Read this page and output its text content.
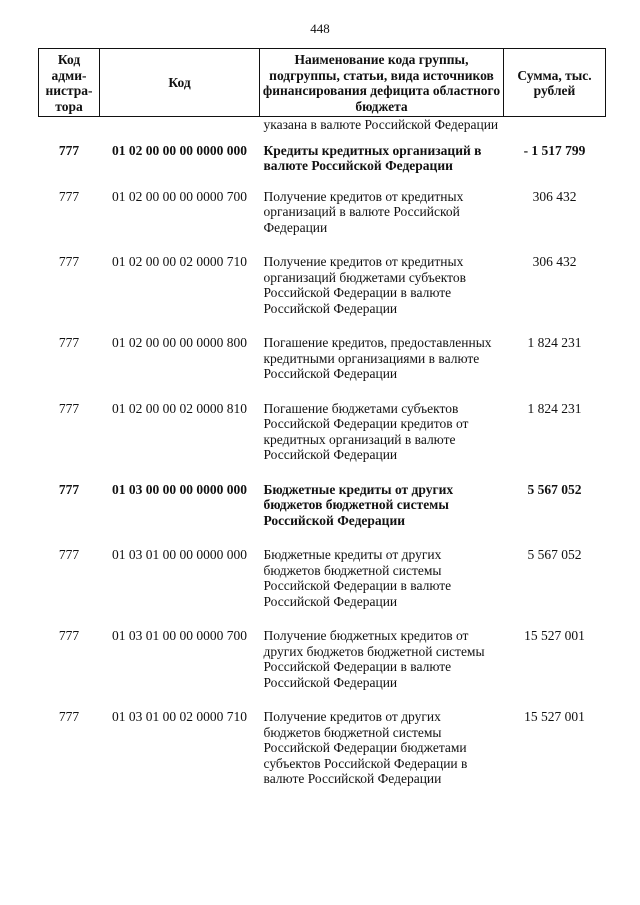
448
Код адми-нистра-тора	Код	Наименование кода группы, подгруппы, статьи, вида источников финансирования дефицита областного бюджета	Сумма, тыс. рублей
		указана в валюте Российской Федерации	
777	01 02 00 00 00 0000 000	Кредиты кредитных организаций в валюте Российской Федерации	- 1 517 799
777	01 02 00 00 00 0000 700	Получение кредитов от кредитных организаций в валюте Российской Федерации	306 432
777	01 02 00 00 02 0000 710	Получение кредитов от кредитных организаций бюджетами субъектов Российской Федерации в валюте Российской Федерации	306 432
777	01 02 00 00 00 0000 800	Погашение кредитов, предоставленных кредитными организациями в валюте Российской Федерации	1 824 231
777	01 02 00 00 02 0000 810	Погашение бюджетами субъектов Российской Федерации кредитов от кредитных организаций в валюте Российской Федерации	1 824 231
777	01 03 00 00 00 0000 000	Бюджетные кредиты от других бюджетов бюджетной системы Российской Федерации	5 567 052
777	01 03 01 00 00 0000 000	Бюджетные кредиты от других бюджетов бюджетной системы Российской Федерации в валюте Российской Федерации	5 567 052
777	01 03 01 00 00 0000 700	Получение бюджетных кредитов от других бюджетов бюджетной системы Российской Федерации в валюте Российской Федерации	15 527 001
777	01 03 01 00 02 0000 710	Получение кредитов от других бюджетов бюджетной системы Российской Федерации бюджетами субъектов Российской Федерации в валюте Российской Федерации	15 527 001
